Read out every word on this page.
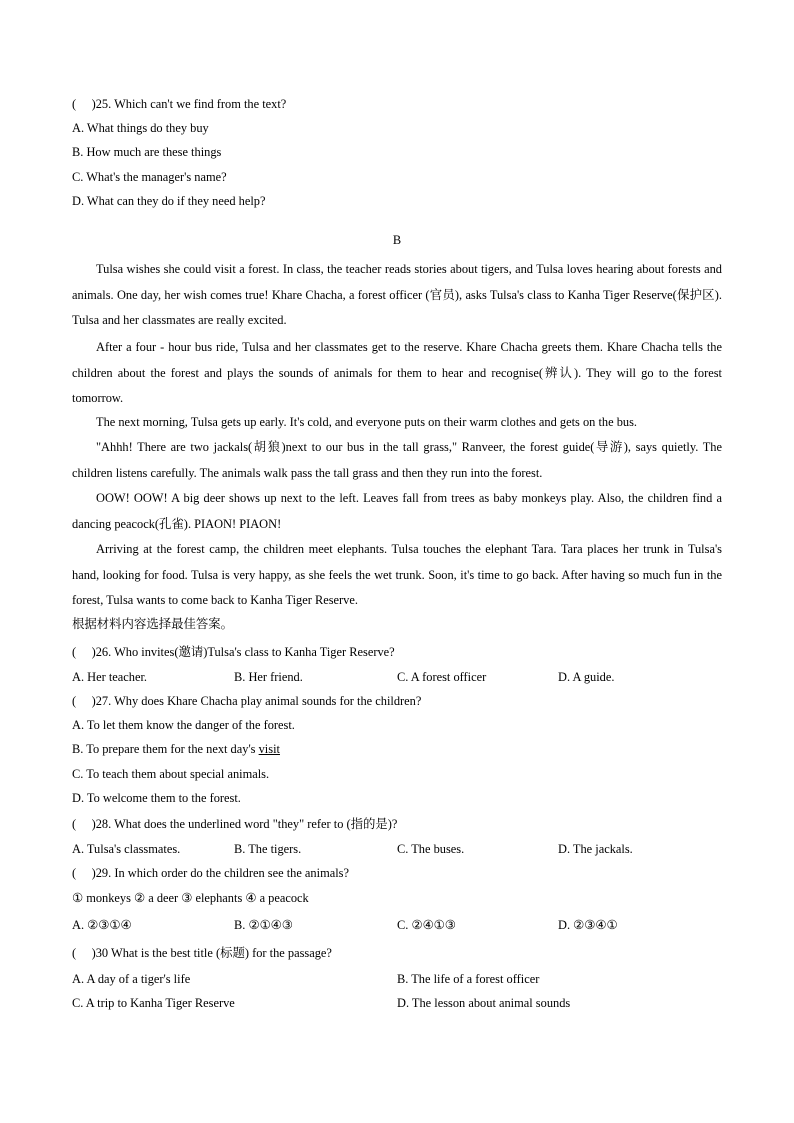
(　 )25. Which can't we find from the text?
A. What things do they buy
B. How much are these things
C. What's the manager's name?
D. What can they do if they need help?
B
Tulsa wishes she could visit a forest. In class, the teacher reads stories about tigers, and Tulsa loves hearing about forests and animals. One day, her wish comes true! Khare Chacha, a forest officer (官员), asks Tulsa's class to Kanha Tiger Reserve(保护区). Tulsa and her classmates are really excited.
After a four - hour bus ride, Tulsa and her classmates get to the reserve. Khare Chacha greets them. Khare Chacha tells the children about the forest and plays the sounds of animals for them to hear and recognise(辨认). They will go to the forest tomorrow.
The next morning, Tulsa gets up early. It's cold, and everyone puts on their warm clothes and gets on the bus.
"Ahhh! There are two jackals(胡狼)next to our bus in the tall grass," Ranveer, the forest guide(导游), says quietly. The children listens carefully. The animals walk pass the tall grass and then they run into the forest.
OOW! OOW! A big deer shows up next to the left. Leaves fall from trees as baby monkeys play. Also, the children find a dancing peacock(孔雀). PIAON! PIAON!
Arriving at the forest camp, the children meet elephants. Tulsa touches the elephant Tara. Tara places her trunk in Tulsa's hand, looking for food. Tulsa is very happy, as she feels the wet trunk. Soon, it's time to go back. After having so much fun in the forest, Tulsa wants to come back to Kanha Tiger Reserve.
根据材料内容选择最佳答案。
(　 )26. Who invites(邀请)Tulsa's class to Kanha Tiger Reserve?
A. Her teacher.	B. Her friend.	C. A forest officer	D. A guide.
(　 )27. Why does Khare Chacha play animal sounds for the children?
A. To let them know the danger of the forest.
B. To prepare them for the next day's visit
C. To teach them about special animals.
D. To welcome them to the forest.
(　 )28. What does the underlined word "they" refer to (指的是)?
A. Tulsa's classmates.	B. The tigers.	C. The buses.	D. The jackals.
(　 )29. In which order do the children see the animals?
① monkeys ② a deer ③ elephants ④ a peacock
A. ②③①④	B. ②①④③	C. ②④①③	D. ②③④①
(　 )30 What is the best title (标题) for the passage?
A. A day of a tiger's life	B. The life of a forest officer
C. A trip to Kanha Tiger Reserve	D. The lesson about animal sounds
